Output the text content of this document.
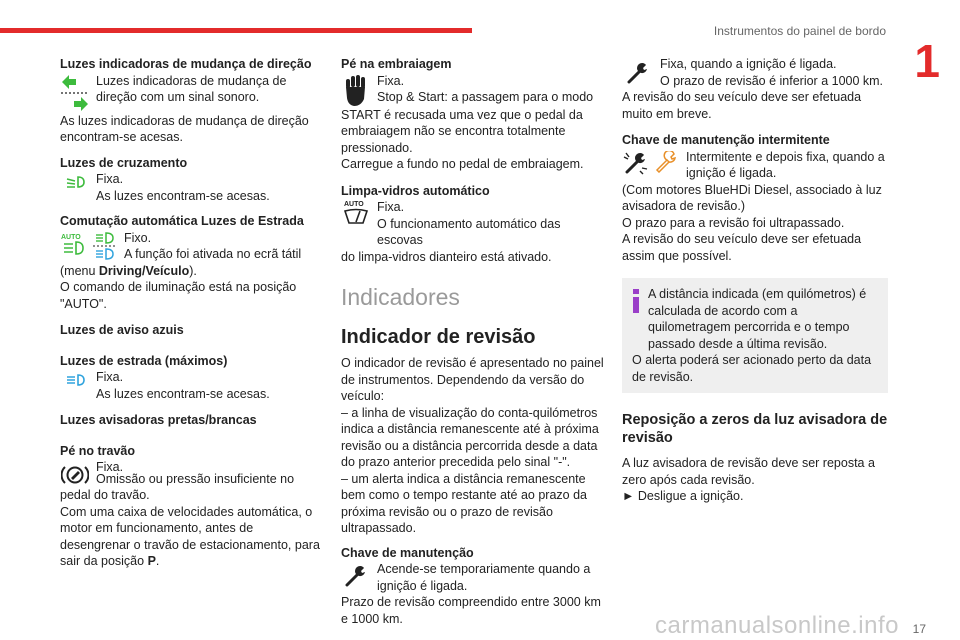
Instrumentos do painel de bordo
1
Luzes indicadoras de mudança de direção
Luzes indicadoras de mudança de direção com um sinal sonoro.
As luzes indicadoras de mudança de direção encontram-se acesas.
Luzes de cruzamento
Fixa.
As luzes encontram-se acesas.
Comutação automática Luzes de Estrada
AUTO	Fixo.
A função foi ativada no ecrã tátil
(menu Driving/Veículo).
O comando de iluminação está na posição "AUTO".
Luzes de aviso azuis
Luzes de estrada (máximos)
Fixa.
As luzes encontram-se acesas.
Luzes avisadoras pretas/brancas
Pé no travão
Fixa.
Omissão ou pressão insuficiente no pedal do travão.
Com uma caixa de velocidades automática, o motor em funcionamento, antes de desengrenar o travão de estacionamento, para sair da posição P.
Pé na embraiagem
Fixa.
Stop & Start: a passagem para o modo
START é recusada uma vez que o pedal da embraiagem não se encontra totalmente pressionado.
Carregue a fundo no pedal de embraiagem.
Limpa-vidros automático
AUTO Fixa.
O funcionamento automático das escovas
do limpa-vidros dianteiro está ativado.
Indicadores
Indicador de revisão
O indicador de revisão é apresentado no painel de instrumentos. Dependendo da versão do veículo:
– a linha de visualização do conta-quilómetros indica a distância remanescente até à próxima revisão ou a distância percorrida desde a data do prazo anterior precedida pelo sinal "-".
– um alerta indica a distância remanescente bem como o tempo restante até ao prazo da próxima revisão ou o prazo de revisão ultrapassado.
Chave de manutenção
Acende-se temporariamente quando a ignição é ligada.
Prazo de revisão compreendido entre 3000 km e 1000 km.
Fixa, quando a ignição é ligada.
O prazo de revisão é inferior a 1000 km.
A revisão do seu veículo deve ser efetuada muito em breve.
Chave de manutenção intermitente
Intermitente e depois fixa, quando a ignição é ligada.
(Com motores BlueHDi Diesel, associado à luz avisadora de revisão.)
O prazo para a revisão foi ultrapassado.
A revisão do seu veículo deve ser efetuada assim que possível.
A distância indicada (em quilómetros) é calculada de acordo com a quilometragem percorrida e o tempo passado desde a última revisão.
O alerta poderá ser acionado perto da data de revisão.
Reposição a zeros da luz avisadora de revisão
A luz avisadora de revisão deve ser reposta a zero após cada revisão.
► Desligue a ignição.
17
carmanualsonline.info
